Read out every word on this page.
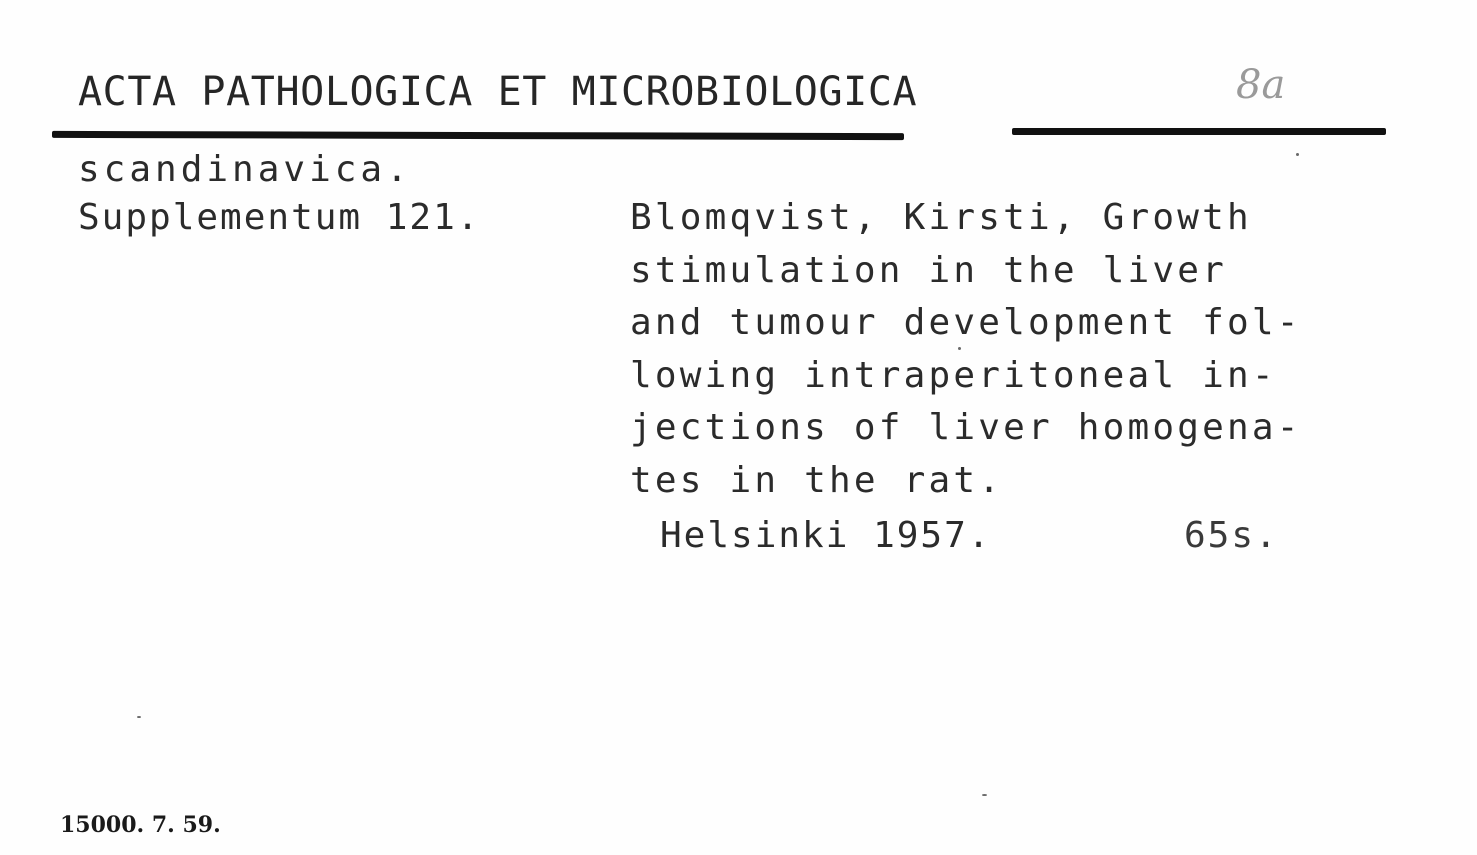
ACTA PATHOLOGICA ET MICROBIOLOGICA	8a
scandinavica.
Supplementum 121.	Blomqvist, Kirsti, Growth
stimulation in the liver
and tumour development fol-
lowing intraperitoneal in-
jections of liver homogena-
tes in the rat.
Helsinki 1957.	65s.
15000. 7. 59.
